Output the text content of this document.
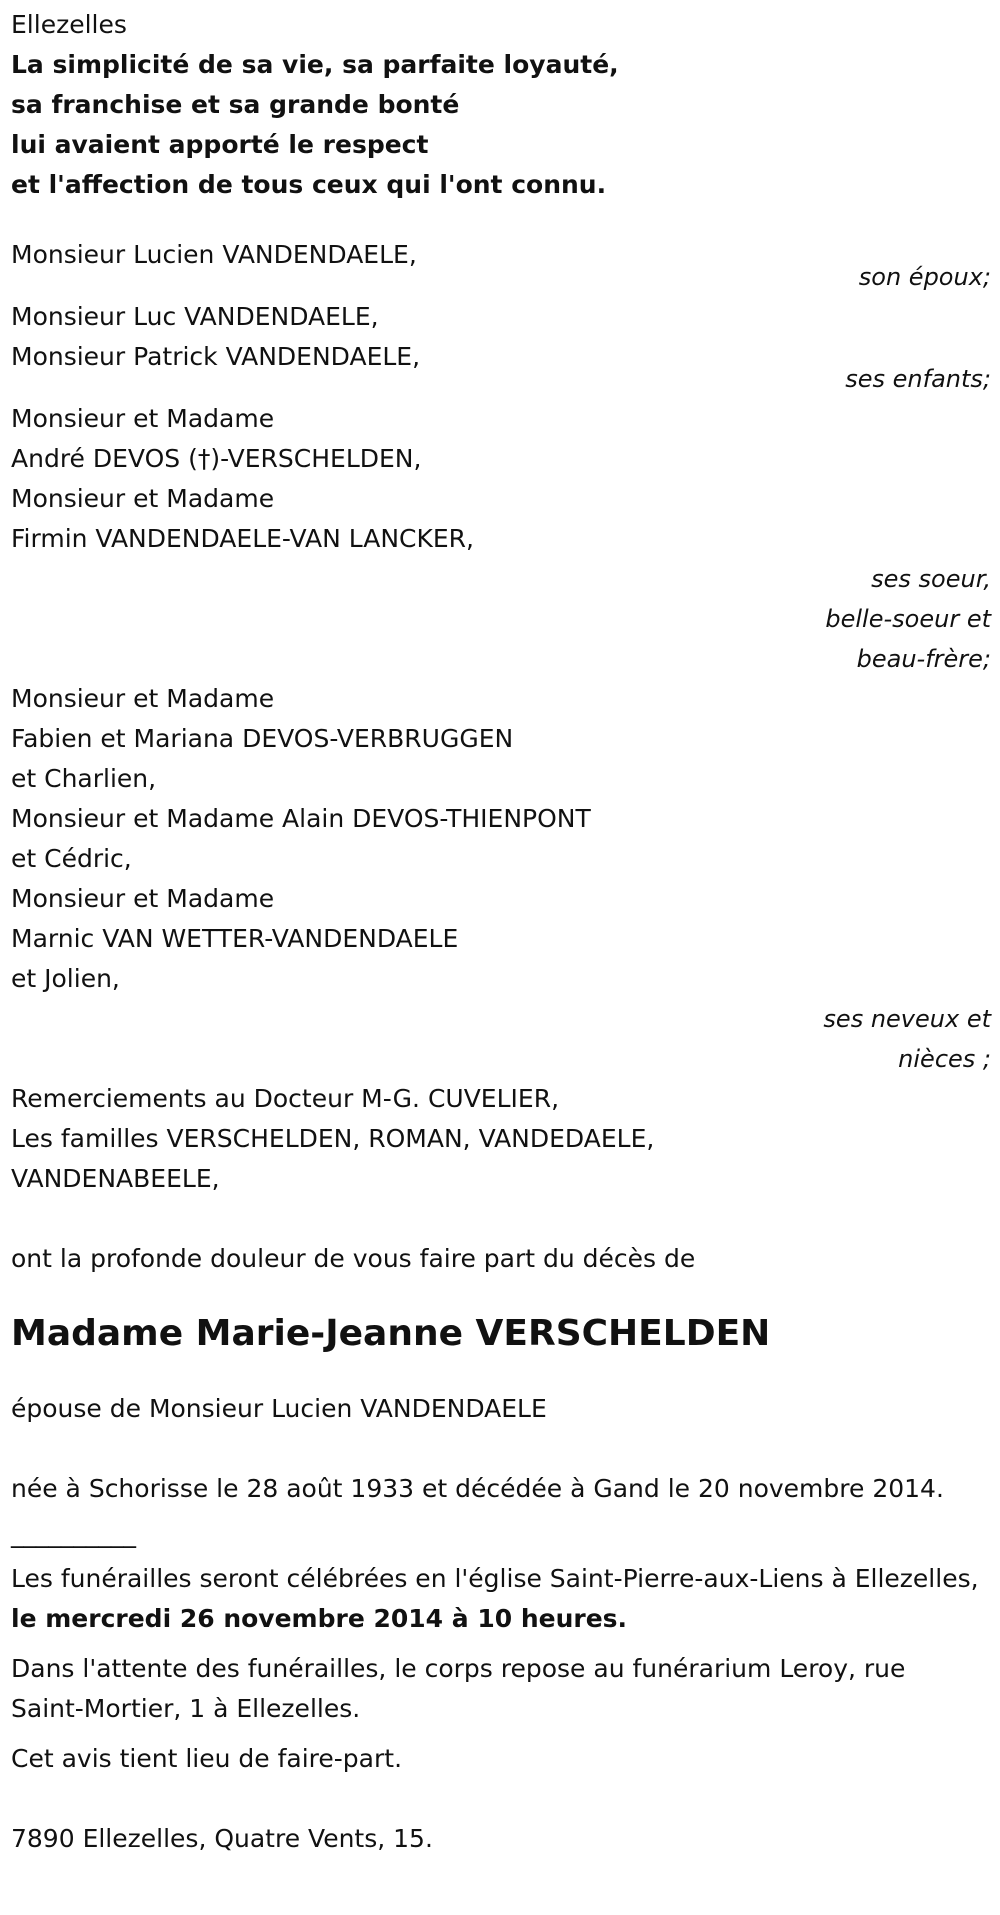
Ellezelles

La simplicité de sa vie, sa parfaite loyauté,

sa franchise et sa grande bonté

lui avaient apporté le respect

et l'affection de tous ceux qui l'ont connu.

Monsieur Lucien VANDENDAELE,

son époux;

Monsieur Luc VANDENDAELE,

Monsieur Patrick VANDENDAELE,

ses enfants;

Monsieur et Madame

André DEVOS (†)-VERSCHELDEN,

Monsieur et Madame

Firmin VANDENDAELE-VAN LANCKER,

ses soeur,

belle-soeur et

beau-frère;

Monsieur et Madame

Fabien et Mariana DEVOS-VERBRUGGEN

et Charlien,

Monsieur et Madame Alain DEVOS-THIENPONT

et Cédric,

Monsieur et Madame

Marnic VAN WETTER-VANDENDAELE

et Jolien,

ses neveux et

nièces ;

Remerciements au Docteur M-G. CUVELIER,

Les familles VERSCHELDEN, ROMAN, VANDEDAELE,

VANDENABEELE,

ont la profonde douleur de vous faire part du décès de

Madame Marie-Jeanne VERSCHELDEN

épouse de Monsieur Lucien VANDENDAELE

née à Schorisse le 28 août 1933 et décédée à Gand le 20 novembre 2014.

__________

Les funérailles seront célébrées en l'église Saint-Pierre-aux-Liens à Ellezelles, le mercredi 26 novembre 2014 à 10 heures.

Dans l'attente des funérailles, le corps repose au funérarium Leroy, rue Saint-Mortier, 1 à Ellezelles.

Cet avis tient lieu de faire-part.

7890 Ellezelles, Quatre Vents, 15.
